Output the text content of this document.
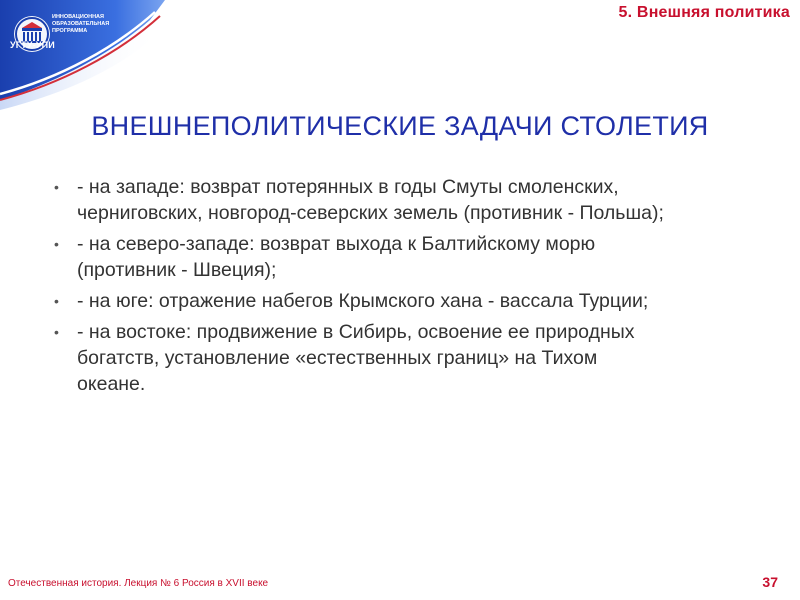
УГТУ-УПИ
ИННОВАЦИОННАЯ
ОБРАЗОВАТЕЛЬНАЯ
ПРОГРАММА
5. Внешняя политика
ВНЕШНЕПОЛИТИЧЕСКИЕ ЗАДАЧИ СТОЛЕТИЯ
• - на западе: возврат потерянных в годы Смуты смоленских,
черниговских, новгород-северских земель (противник - Польша);
• - на северо-западе: возврат выхода к Балтийскому морю
(противник - Швеция);
• - на юге: отражение набегов Крымского хана - вассала Турции;
• - на востоке: продвижение в Сибирь, освоение ее природных
богатств, установление «естественных границ» на Тихом
океане.
Отечественная история. Лекция № 6 Россия в XVII веке	37
